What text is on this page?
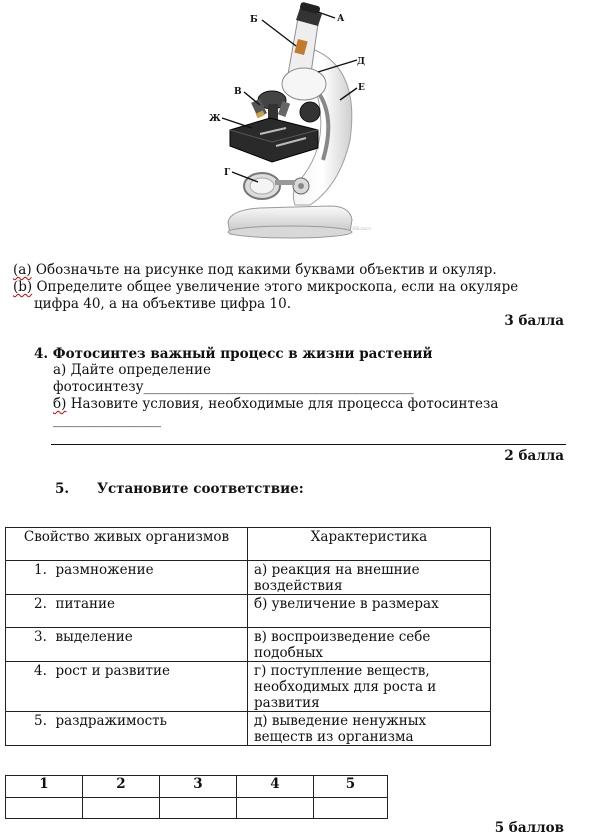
Б	А
Д
Е
В
Ж
Г
ЯКласс
(a) Обозначьте на рисунке под какими буквами объектив и окуляр.
(b) Определите общее увеличение этого микроскопа, если на окуляре
цифра 40, а на объективе цифра 10.
3 балла
4. Фотосинтез важный процесс в жизни растений
а) Дайте определение
фотосинтезу________________________________________
б) Назовите условия, необходимые для процесса фотосинтеза
________________
2 балла
5. Установите соответствие:
Свойство живых организмов	Характеристика
1. размножение	а) реакция на внешние
воздействия

2. питание	б) увеличение в размерах

3. выделение	в) воспроизведение себе
подобных

4. рост и развитие	г) поступление веществ,
необходимых для роста и
развития

5. раздражимость	д) выведение ненужных
веществ из организма
1	2	3	4	5

5 баллов
